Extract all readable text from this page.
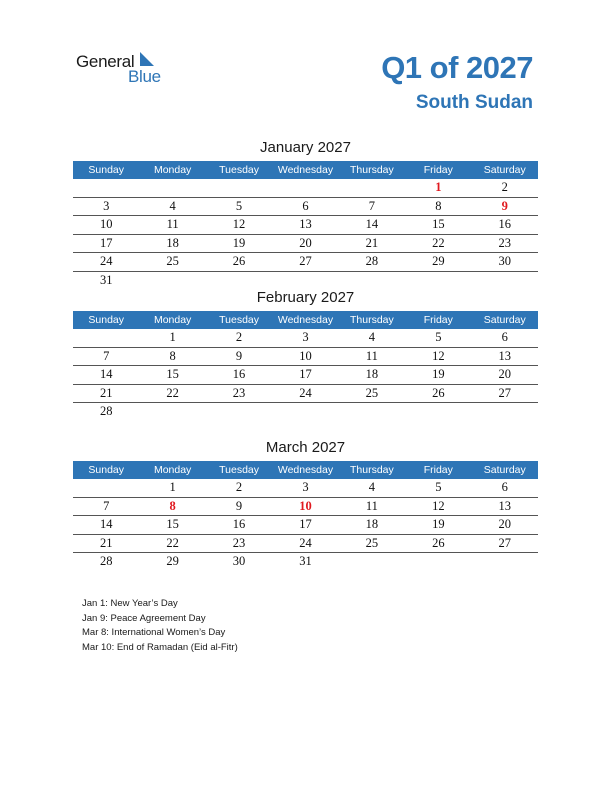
General
Blue	Q1 of 2027
South Sudan
January 2027
Sunday	Monday	Tuesday	Wednesday	Thursday	Friday	Saturday
					1	2
3	4	5	6	7	8	9
10	11	12	13	14	15	16
17	18	19	20	21	22	23
24	25	26	27	28	29	30
31						
February 2027
Sunday	Monday	Tuesday	Wednesday	Thursday	Friday	Saturday
	1	2	3	4	5	6
7	8	9	10	11	12	13
14	15	16	17	18	19	20
21	22	23	24	25	26	27
28						
March 2027
Sunday	Monday	Tuesday	Wednesday	Thursday	Friday	Saturday
	1	2	3	4	5	6
7	8	9	10	11	12	13
14	15	16	17	18	19	20
21	22	23	24	25	26	27
28	29	30	31			
Jan 1: New Year’s Day
Jan 9: Peace Agreement Day
Mar 8: International Women’s Day
Mar 10: End of Ramadan (Eid al-Fitr)
